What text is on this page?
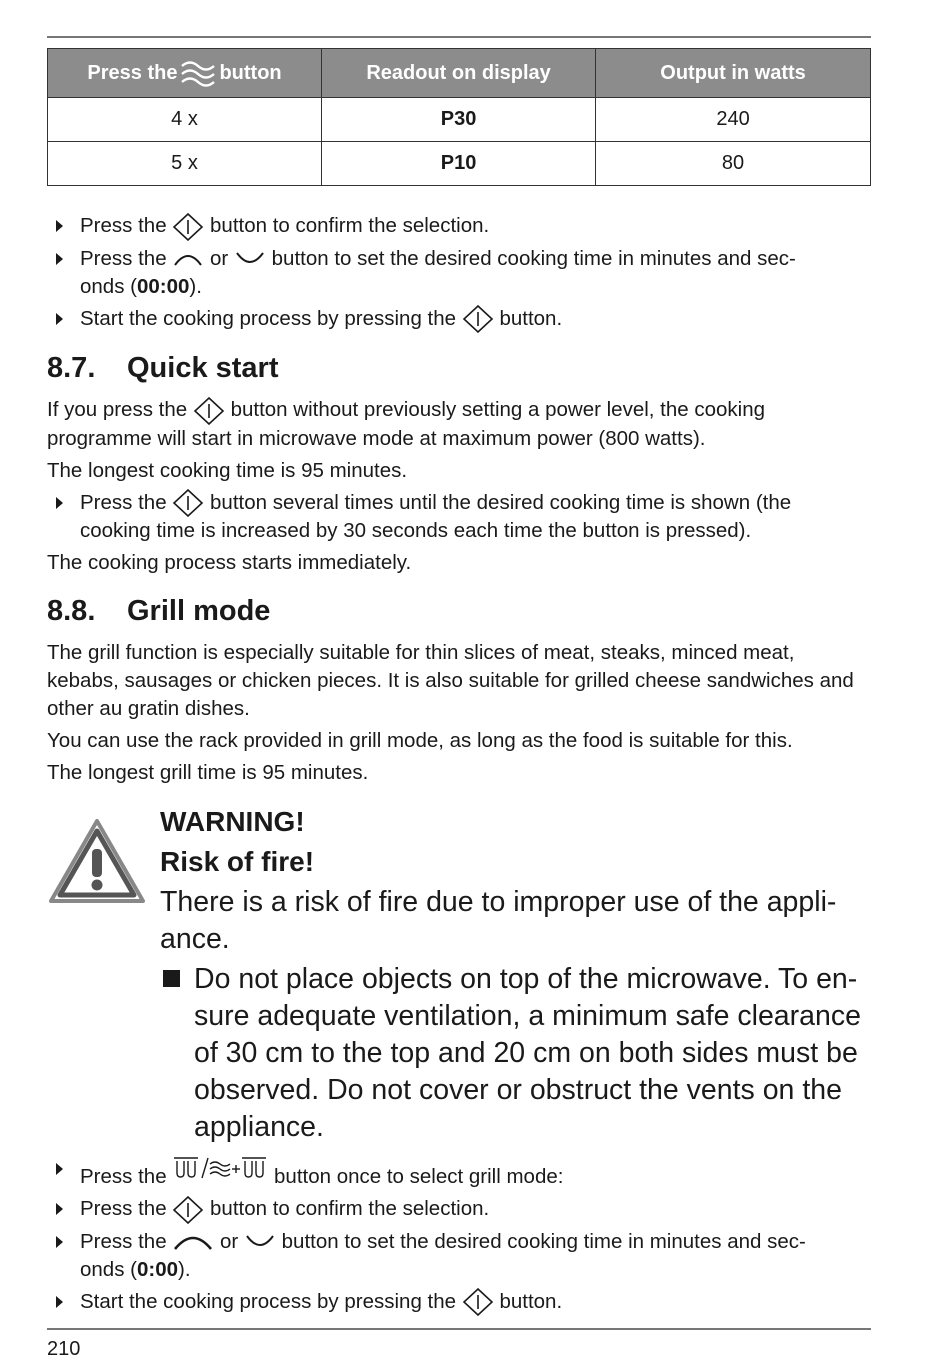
Press the button	Readout on display	Output in watts
4 x	P30	240
5 x	P10	80
Press the button to confirm the selection.
Press the or button to set the desired cooking time in minutes and sec-
onds (00:00).
Start the cooking process by pressing the button.
8.7. Quick start

If you press the button without previously setting a power level, the cooking
programme will start in microwave mode at maximum power (800 watts).

The longest cooking time is 95 minutes.

Press the button several times until the desired cooking time is shown (the
cooking time is increased by 30 seconds each time the button is pressed).

The cooking process starts immediately.

8.8. Grill mode

The grill function is especially suitable for thin slices of meat, steaks, minced meat, kebabs, sausages or chicken pieces. It is also suitable for grilled cheese sandwiches and other au gratin dishes.

You can use the rack provided in grill mode, as long as the food is suitable for this.

The longest grill time is 95 minutes.

WARNING!

Risk of fire!

There is a risk of fire due to improper use of the appli-ance.

Do not place objects on top of the microwave. To en-sure adequate ventilation, a minimum safe clearance of 30 cm to the top and 20 cm on both sides must be observed. Do not cover or obstruct the vents on the appliance.
Press the	button once to select grill mode:
Press the button to confirm the selection.
Press the	or button to set the desired cooking time in minutes and sec-
onds (0:00).
Start the cooking process by pressing the button.
210
